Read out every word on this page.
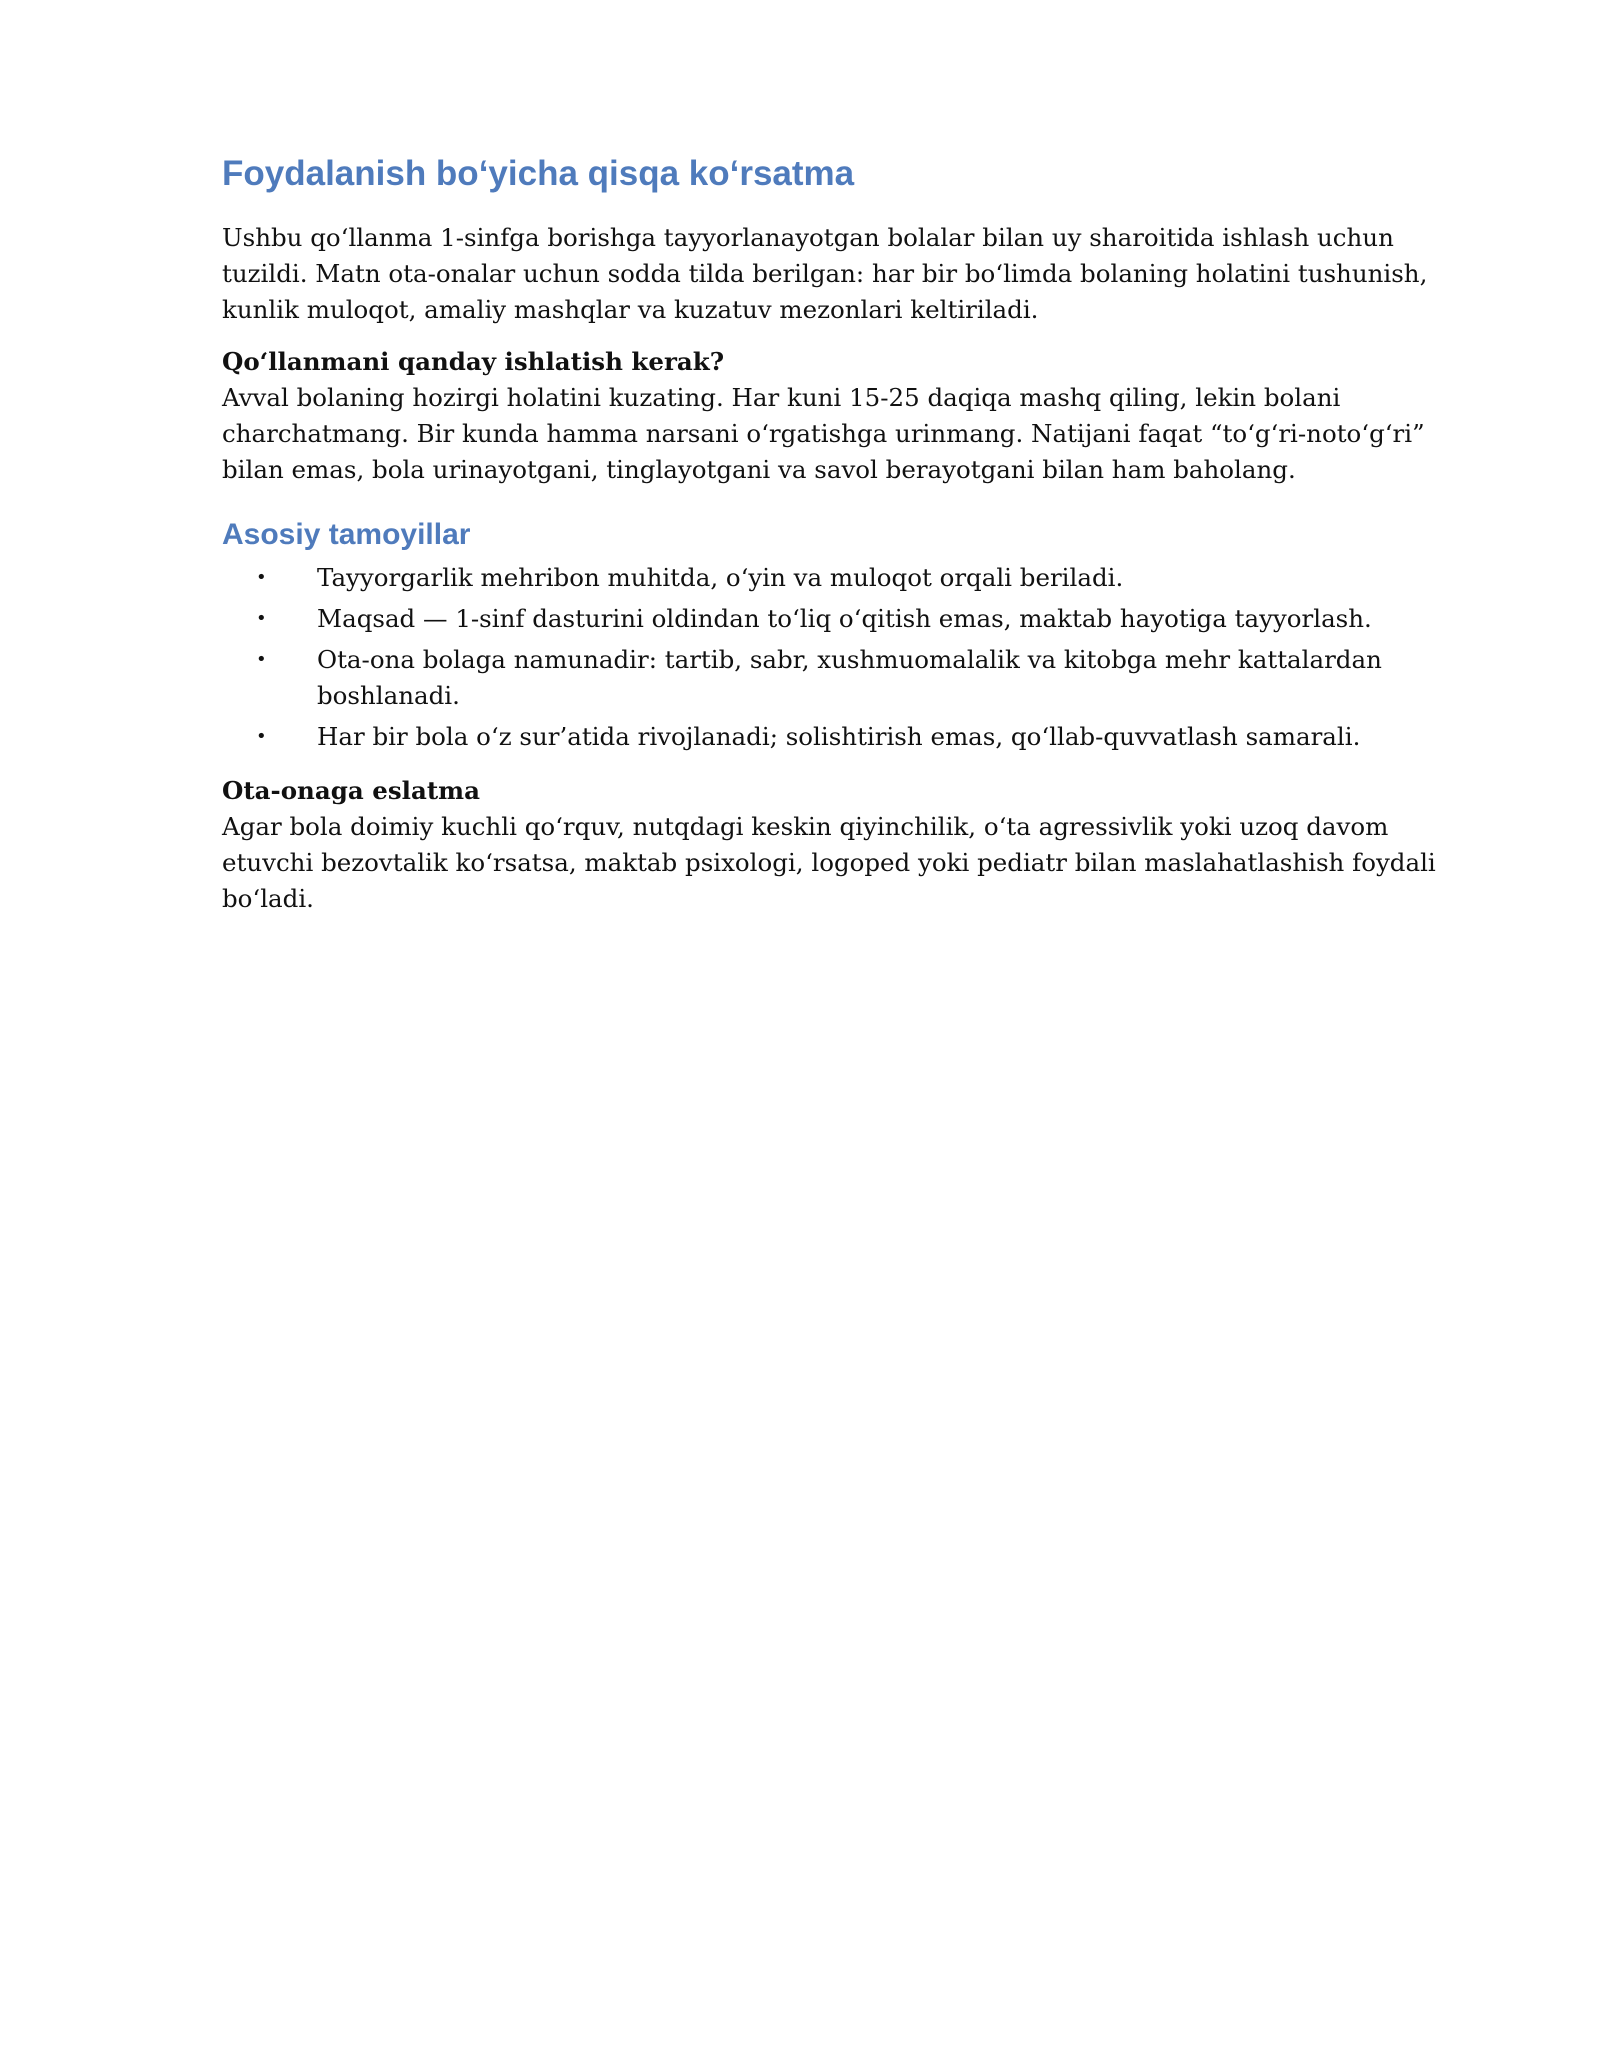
Foydalanish bo‘yicha qisqa ko‘rsatma

Ushbu qo‘llanma 1-sinfga borishga tayyorlanayotgan bolalar bilan uy sharoitida ishlash uchun tuzildi. Matn ota-onalar uchun sodda tilda berilgan: har bir bo‘limda bolaning holatini tushunish, kunlik muloqot, amaliy mashqlar va kuzatuv mezonlari keltiriladi.

Qo‘llanmani qanday ishlatish kerak?

Avval bolaning hozirgi holatini kuzating. Har kuni 15-25 daqiqa mashq qiling, lekin bolani charchatmang. Bir kunda hamma narsani o‘rgatishga urinmang. Natijani faqat “to‘g‘ri-noto‘g‘ri” bilan emas, bola urinayotgani, tinglayotgani va savol berayotgani bilan ham baholang.

Asosiy tamoyillar
• Tayyorgarlik mehribon muhitda, o‘yin va muloqot orqali beriladi.
• Maqsad — 1-sinf dasturini oldindan to‘liq o‘qitish emas, maktab hayotiga tayyorlash.
• Ota-ona bolaga namunadir: tartib, sabr, xushmuomalalik va kitobga mehr kattalardan boshlanadi.
• Har bir bola o‘z sur’atida rivojlanadi; solishtirish emas, qo‘llab-quvvatlash samarali.
Ota-onaga eslatma

Agar bola doimiy kuchli qo‘rquv, nutqdagi keskin qiyinchilik, o‘ta agressivlik yoki uzoq davom etuvchi bezovtalik ko‘rsatsa, maktab psixologi, logoped yoki pediatr bilan maslahatlashish foydali bo‘ladi.
